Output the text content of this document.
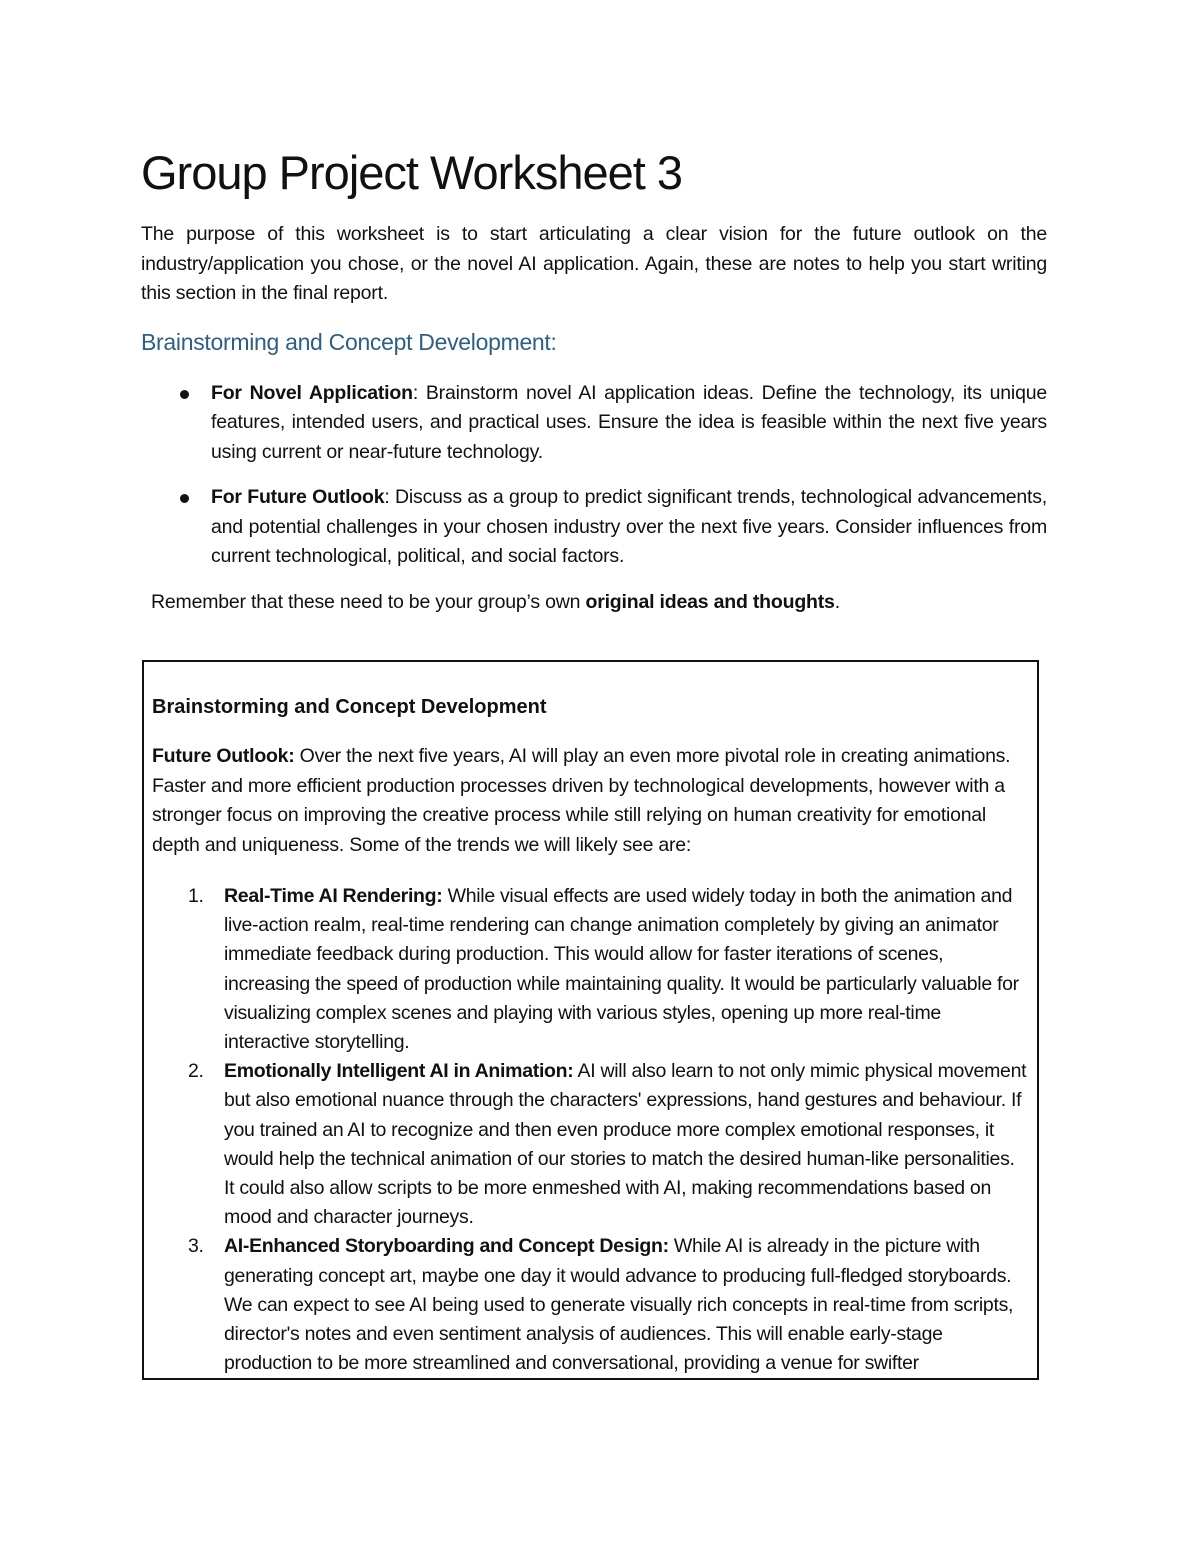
Group Project Worksheet 3

The purpose of this worksheet is to start articulating a clear vision for the future outlook on the industry/application you chose, or the novel AI application. Again, these are notes to help you start writing this section in the final report.

Brainstorming and Concept Development:
For Novel Application: Brainstorm novel AI application ideas. Define the technology, its unique features, intended users, and practical uses. Ensure the idea is feasible within the next five years using current or near-future technology.
For Future Outlook: Discuss as a group to predict significant trends, technological advancements, and potential challenges in your chosen industry over the next five years. Consider influences from current technological, political, and social factors.

Remember that these need to be your group’s own original ideas and thoughts.

Brainstorming and Concept Development

Future Outlook: Over the next five years, AI will play an even more pivotal role in creating animations. Faster and more efficient production processes driven by technological developments, however with a stronger focus on improving the creative process while still relying on human creativity for emotional depth and uniqueness. Some of the trends we will likely see are:

1. Real-Time AI Rendering: While visual effects are used widely today in both the animation and live-action realm, real-time rendering can change animation completely by giving an animator immediate feedback during production. This would allow for faster iterations of scenes, increasing the speed of production while maintaining quality. It would be particularly valuable for visualizing complex scenes and playing with various styles, opening up more real-time interactive storytelling.
2. Emotionally Intelligent AI in Animation: AI will also learn to not only mimic physical movement but also emotional nuance through the characters' expressions, hand gestures and behaviour. If you trained an AI to recognize and then even produce more complex emotional responses, it would help the technical animation of our stories to match the desired human-like personalities. It could also allow scripts to be more enmeshed with AI, making recommendations based on mood and character journeys.
3. AI-Enhanced Storyboarding and Concept Design: While AI is already in the picture with generating concept art, maybe one day it would advance to producing full-fledged storyboards. We can expect to see AI being used to generate visually rich concepts in real-time from scripts, director's notes and even sentiment analysis of audiences. This will enable early-stage production to be more streamlined and conversational, providing a venue for swifter
